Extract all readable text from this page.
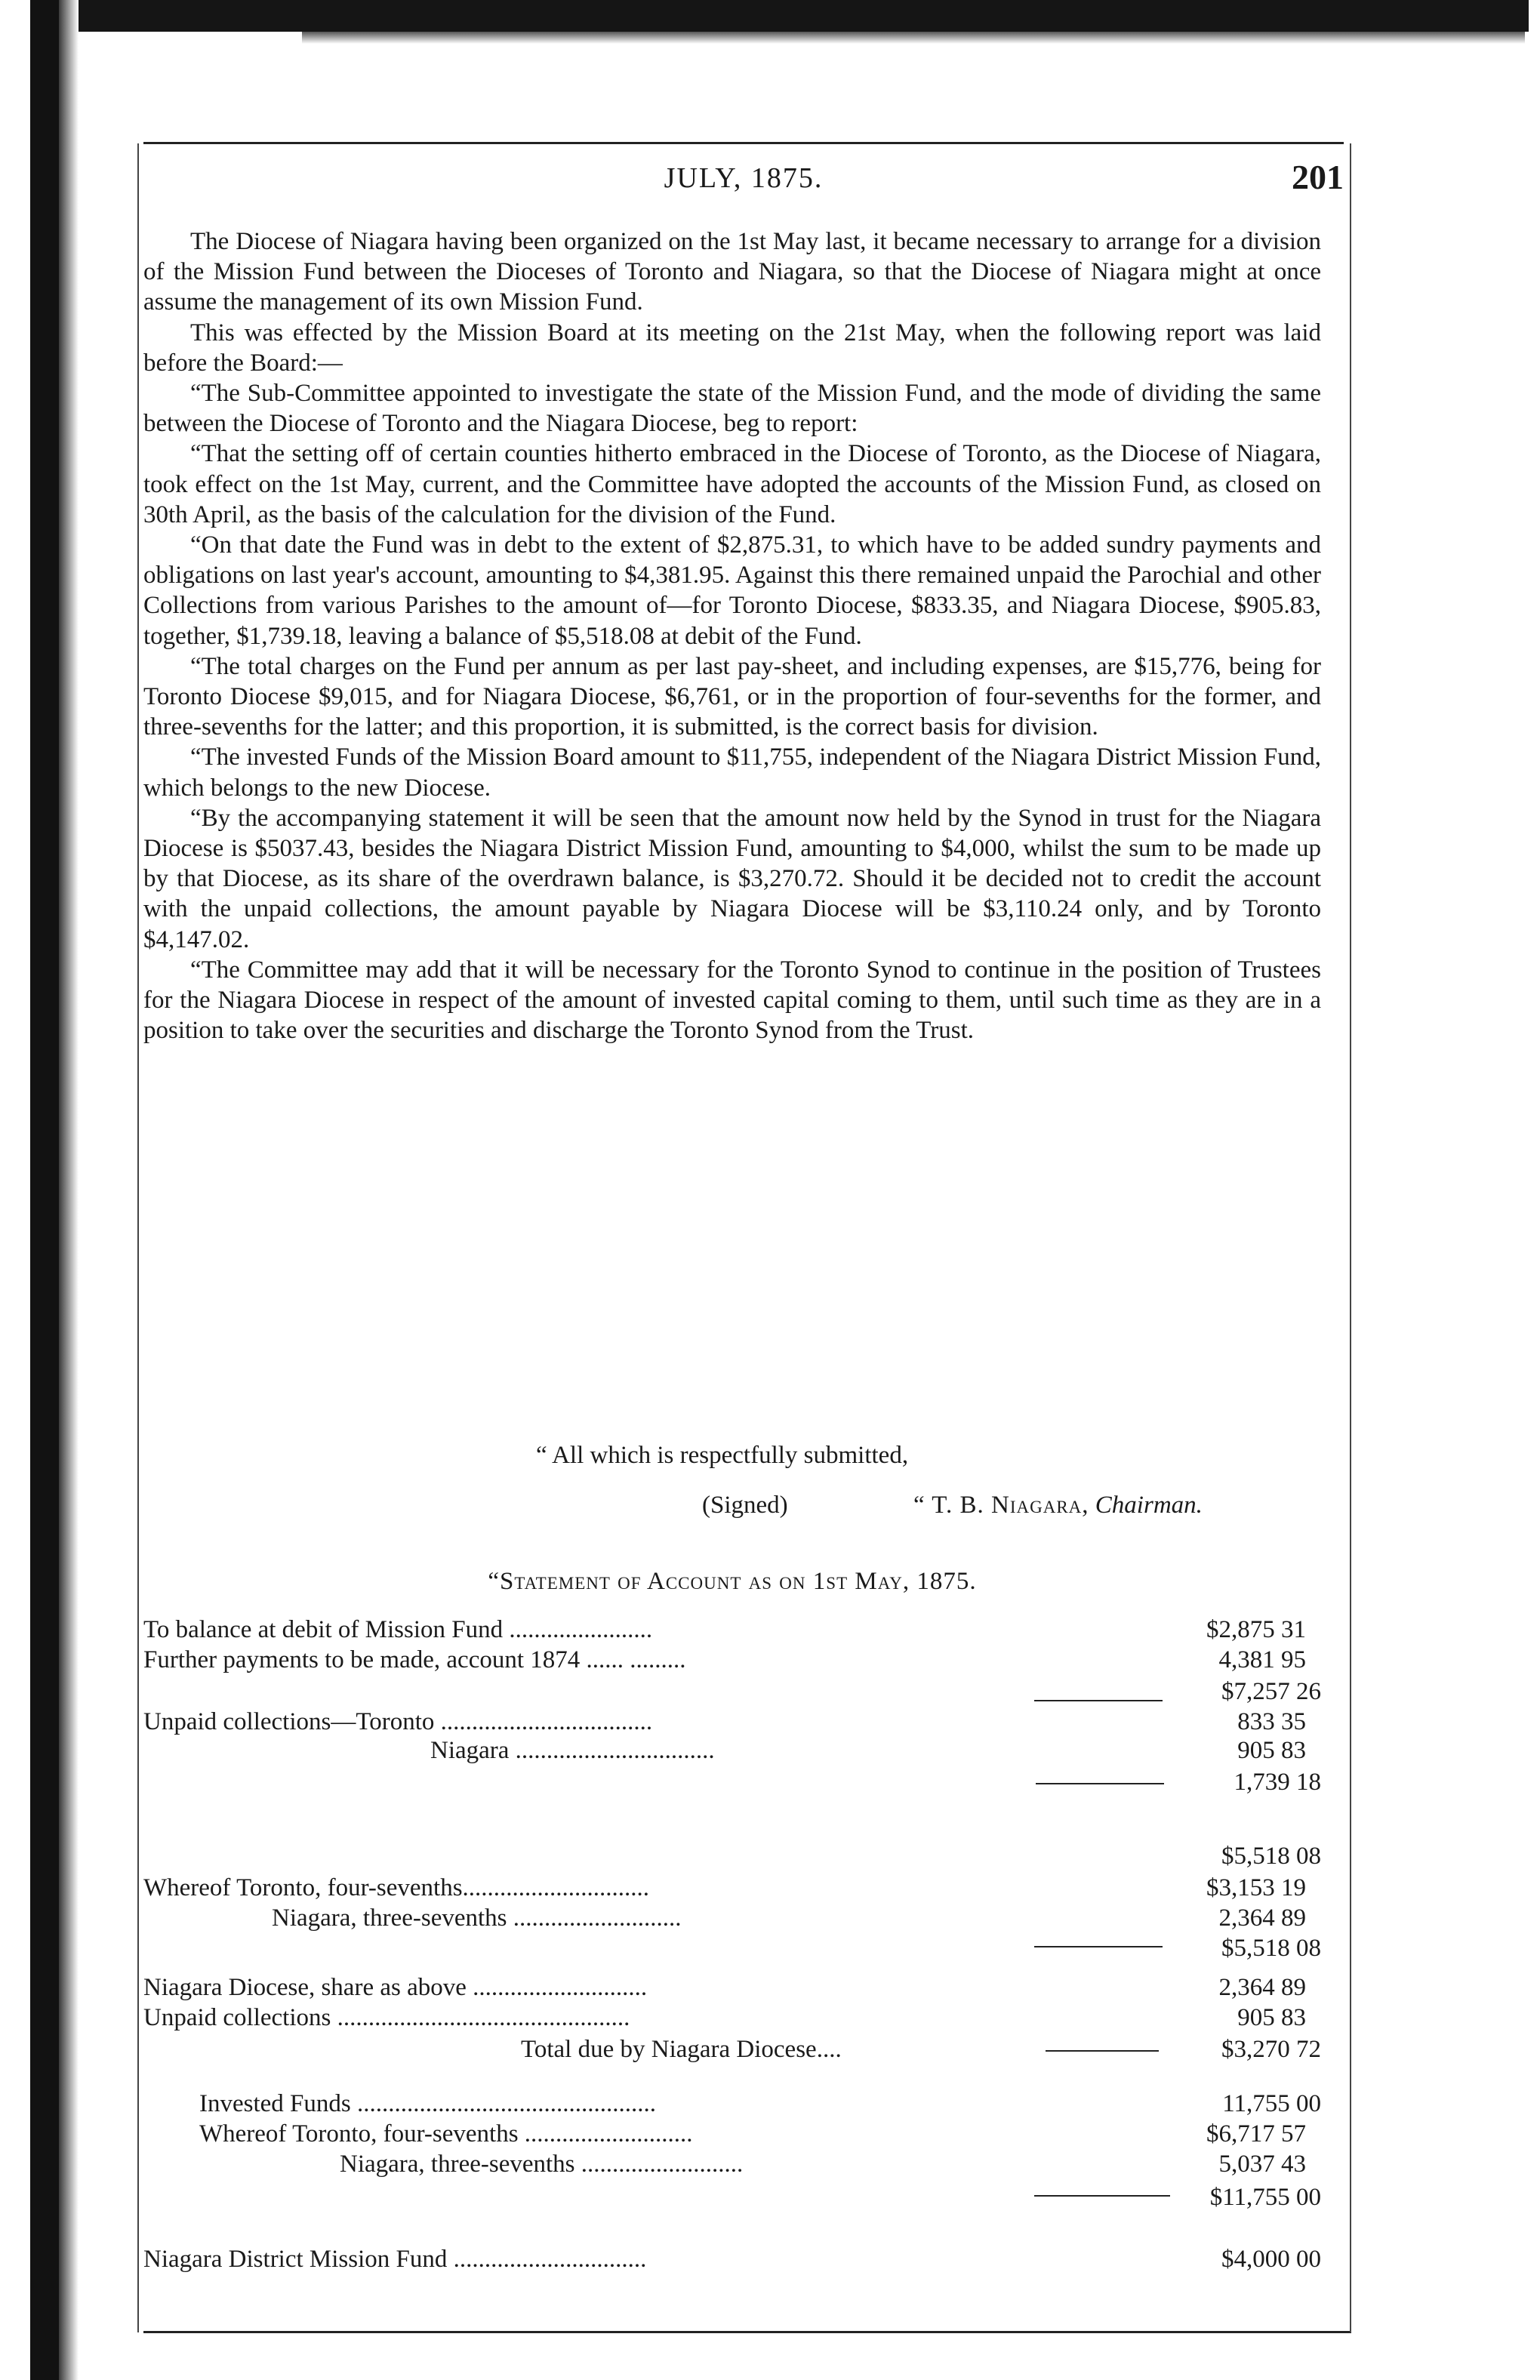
JULY, 1875.	201

The Diocese of Niagara having been organized on the 1st May last, it became necessary to arrange for a division of the Mission Fund between the Dioceses of Toronto and Niagara, so that the Diocese of Niagara might at once assume the management of its own Mission Fund.

This was effected by the Mission Board at its meeting on the 21st May, when the following report was laid before the Board:—

“The Sub-Committee appointed to investigate the state of the Mission Fund, and the mode of dividing the same between the Diocese of Toronto and the Niagara Diocese, beg to report:

“That the setting off of certain counties hitherto embraced in the Diocese of Toronto, as the Diocese of Niagara, took effect on the 1st May, current, and the Committee have adopted the accounts of the Mission Fund, as closed on 30th April, as the basis of the calculation for the division of the Fund.

“On that date the Fund was in debt to the extent of $2,875.31, to which have to be added sundry payments and obligations on last year's account, amounting to $4,381.95. Against this there remained unpaid the Parochial and other Collections from various Parishes to the amount of—for Toronto Diocese, $833.35, and Niagara Diocese, $905.83, together, $1,739.18, leaving a balance of $5,518.08 at debit of the Fund.

“The total charges on the Fund per annum as per last pay-sheet, and including expenses, are $15,776, being for Toronto Diocese $9,015, and for Niagara Diocese, $6,761, or in the proportion of four-sevenths for the former, and three-sevenths for the latter; and this proportion, it is submitted, is the correct basis for division.

“The invested Funds of the Mission Board amount to $11,755, independent of the Niagara District Mission Fund, which belongs to the new Diocese.

“By the accompanying statement it will be seen that the amount now held by the Synod in trust for the Niagara Diocese is $5037.43, besides the Niagara District Mission Fund, amounting to $4,000, whilst the sum to be made up by that Diocese, as its share of the overdrawn balance, is $3,270.72. Should it be decided not to credit the account with the unpaid collections, the amount payable by Niagara Diocese will be $3,110.24 only, and by Toronto $4,147.02.

“The Committee may add that it will be necessary for the Toronto Synod to continue in the position of Trustees for the Niagara Diocese in respect of the amount of invested capital coming to them, until such time as they are in a position to take over the securities and discharge the Toronto Synod from the Trust.

“ All which is respectfully submitted,
(Signed)	“ T. B. Niagara, Chairman.
“Statement of Account as on 1st May, 1875.
To balance at debit of Mission Fund .......................	$2,875 31
Further payments to be made, account 1874 ...... .........	4,381 95
$7,257 26
Unpaid collections—Toronto ..................................	833 35
Niagara ................................	905 83
1,739 18
$5,518 08
Whereof Toronto, four-sevenths..............................	$3,153 19
Niagara, three-sevenths ...........................	2,364 89
$5,518 08
Niagara Diocese, share as above ............................	2,364 89
Unpaid collections ...............................................	905 83
Total due by Niagara Diocese....	$3,270 72
Invested Funds ................................................	11,755 00
Whereof Toronto, four-sevenths ...........................	$6,717 57
Niagara, three-sevenths ..........................	5,037 43
$11,755 00
Niagara District Mission Fund ...............................	$4,000 00
